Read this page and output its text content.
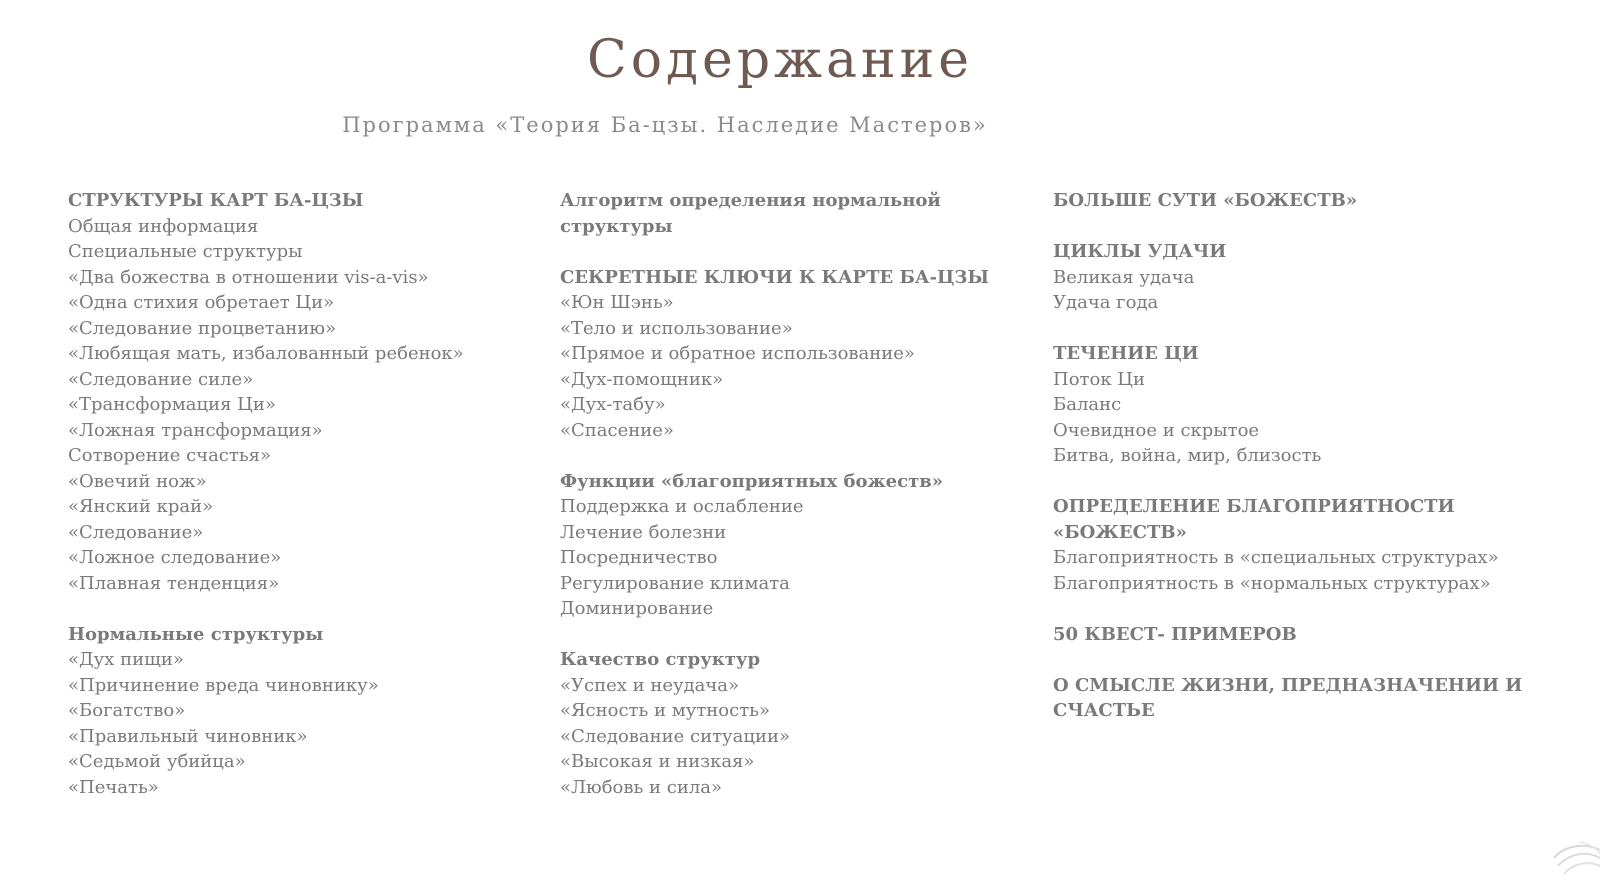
Содержание
Программа «Теория Ба-цзы. Наследие Мастеров»
СТРУКТУРЫ КАРТ БА-ЦЗЫ
Общая информация
Специальные структуры
«Два божества в отношении vis-a-vis»
«Одна стихия обретает Ци»
«Следование процветанию»
«Любящая мать, избалованный ребенок»
«Следование силе»
«Трансформация Ци»
«Ложная трансформация»
Сотворение счастья»
«Овечий нож»
«Янский край»
«Следование»
«Ложное следование»
«Плавная тенденция»
Нормальные структуры
«Дух пищи»
«Причинение вреда чиновнику»
«Богатство»
«Правильный чиновник»
«Седьмой убийца»
«Печать»
Алгоритм определения нормальной структуры
СЕКРЕТНЫЕ КЛЮЧИ К КАРТЕ БА-ЦЗЫ
«Юн Шэнь»
«Тело и использование»
«Прямое и обратное использование»
«Дух-помощник»
«Дух-табу»
«Спасение»
Функции «благоприятных божеств»
Поддержка и ослабление
Лечение болезни
Посредничество
Регулирование климата
Доминирование
Качество структур
«Успех и неудача»
«Ясность и мутность»
«Следование ситуации»
«Высокая и низкая»
«Любовь и сила»
БОЛЬШЕ СУТИ «БОЖЕСТВ»
ЦИКЛЫ УДАЧИ
Великая удача
Удача года
ТЕЧЕНИЕ ЦИ
Поток Ци
Баланс
Очевидное и скрытое
Битва, война, мир, близость
ОПРЕДЕЛЕНИЕ БЛАГОПРИЯТНОСТИ «БОЖЕСТВ»
Благоприятность в «специальных структурах»
Благоприятность в «нормальных структурах»
50 КВЕСТ- ПРИМЕРОВ
О СМЫСЛЕ ЖИЗНИ, ПРЕДНАЗНАЧЕНИИ И СЧАСТЬЕ
